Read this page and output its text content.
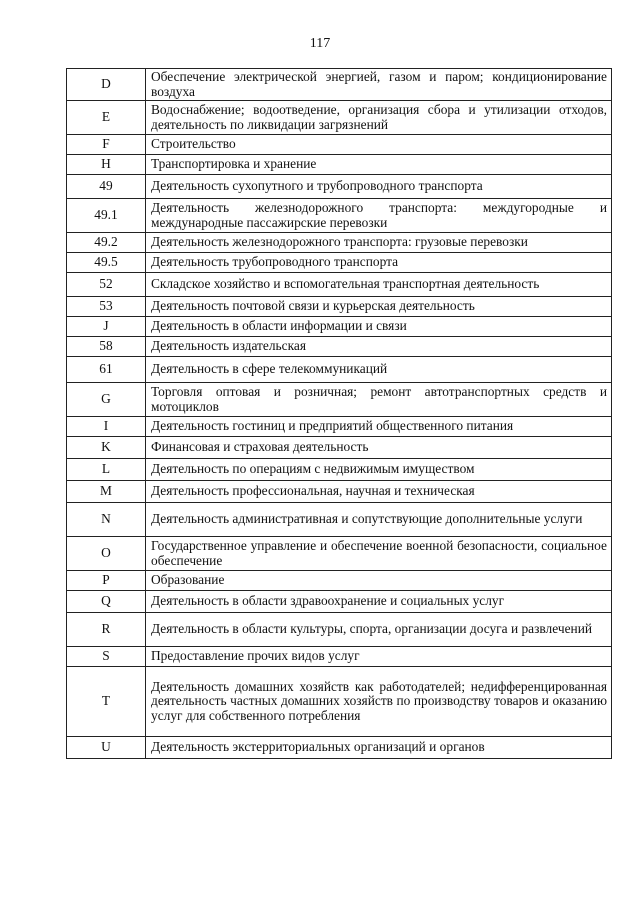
117
D	Обеспечение электрической энергией, газом и паром; кондиционирование воздуха
E	Водоснабжение; водоотведение, организация сбора и утилизации отходов, деятельность по ликвидации загрязнений
F	Строительство
H	Транспортировка и хранение
49	Деятельность сухопутного и трубопроводного транспорта
49.1	Деятельность железнодорожного транспорта: междугородные и международные пассажирские перевозки
49.2	Деятельность железнодорожного транспорта: грузовые перевозки
49.5	Деятельность трубопроводного транспорта
52	Складское хозяйство и вспомогательная транспортная деятельность
53	Деятельность почтовой связи и курьерская деятельность
J	Деятельность в области информации и связи
58	Деятельность издательская
61	Деятельность в сфере телекоммуникаций
G	Торговля оптовая и розничная; ремонт автотранспортных средств и мотоциклов
I	Деятельность гостиниц и предприятий общественного питания
K	Финансовая и страховая деятельность
L	Деятельность по операциям с недвижимым имуществом
M	Деятельность профессиональная, научная и техническая
N	Деятельность административная и сопутствующие дополнительные услуги
O	Государственное управление и обеспечение военной безопасности, социальное обеспечение
P	Образование
Q	Деятельность в области здравоохранение и социальных услуг
R	Деятельность в области культуры, спорта, организации досуга и развлечений
S	Предоставление прочих видов услуг
T	Деятельность домашних хозяйств как работодателей; недифференцированная деятельность частных домашних хозяйств по производству товаров и оказанию услуг для собственного потребления
U	Деятельность экстерриториальных организаций и органов
